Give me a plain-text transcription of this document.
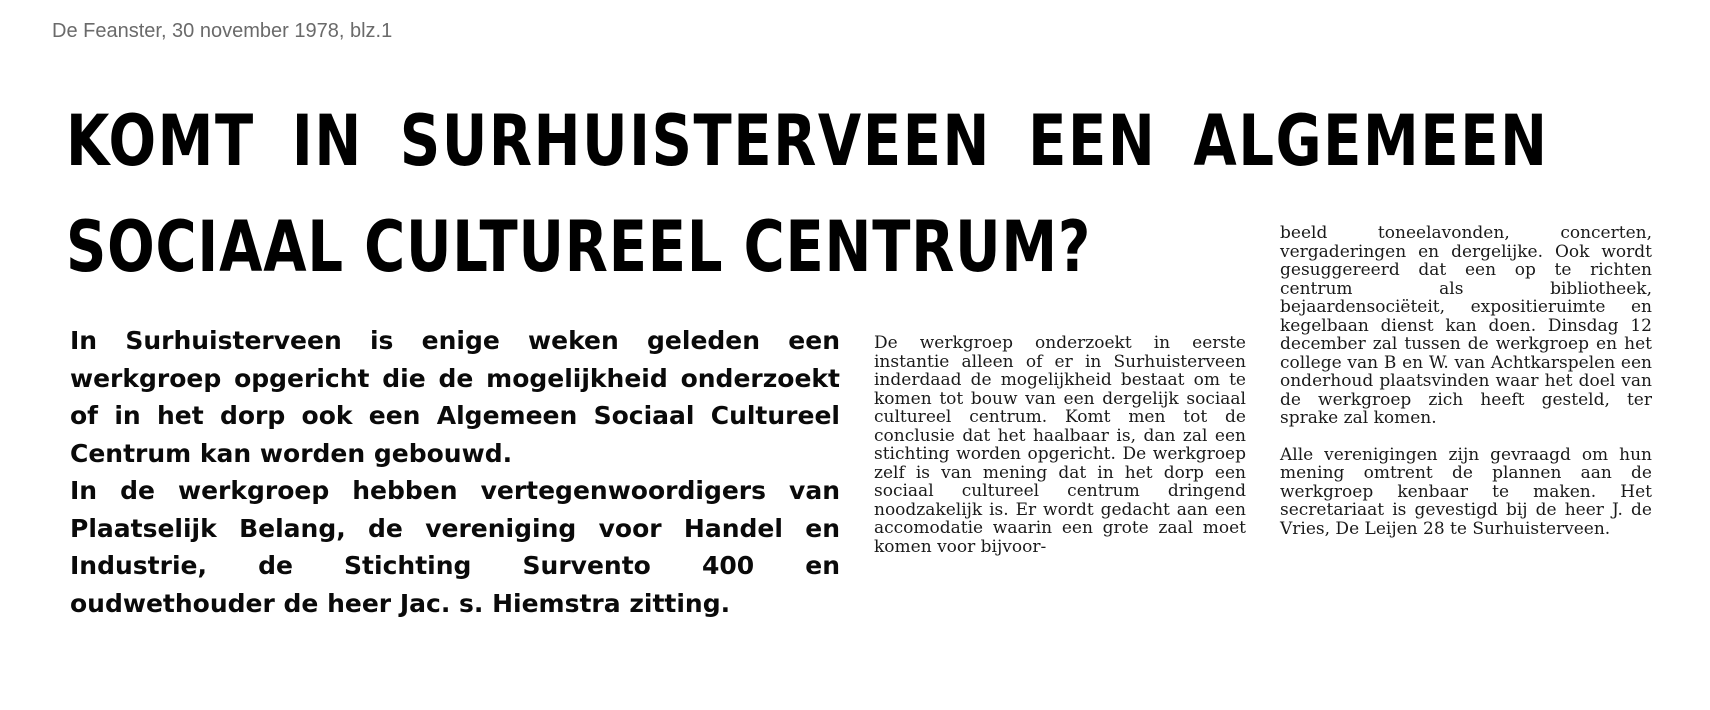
De Feanster, 30 november 1978, blz.1
KOMT IN SURHUISTERVEEN EEN ALGEMEEN
SOCIAAL CULTUREEL CENTRUM?

In Surhuisterveen is enige weken geleden een werkgroep opgericht die de mogelijkheid onderzoekt of in het dorp ook een Algemeen Sociaal Cultureel Centrum kan worden gebouwd.

In de werkgroep hebben vertegenwoordigers van Plaatselijk Belang, de vereniging voor Handel en Industrie, de Stichting Survento 400 en oudwethouder de heer Jac. s. Hiemstra zitting.

De werkgroep onderzoekt in eerste instantie alleen of er in Surhuisterveen inderdaad de mogelijkheid bestaat om te komen tot bouw van een dergelijk sociaal cultureel centrum. Komt men tot de conclusie dat het haalbaar is, dan zal een stichting worden opgericht. De werkgroep zelf is van mening dat in het dorp een sociaal cultureel centrum dringend noodzakelijk is. Er wordt gedacht aan een accomodatie waarin een grote zaal moet komen voor bijvoor-

beeld toneelavonden, concerten, vergaderingen en dergelijke. Ook wordt gesuggereerd dat een op te richten centrum als bibliotheek, bejaardensociëteit, expositieruimte en kegelbaan dienst kan doen. Dinsdag 12 december zal tussen de werkgroep en het college van B en W. van Achtkarspelen een onderhoud plaatsvinden waar het doel van de werkgroep zich heeft gesteld, ter sprake zal komen.

Alle verenigingen zijn gevraagd om hun mening omtrent de plannen aan de werkgroep kenbaar te maken. Het secretariaat is gevestigd bij de heer J. de Vries, De Leijen 28 te Surhuisterveen.
